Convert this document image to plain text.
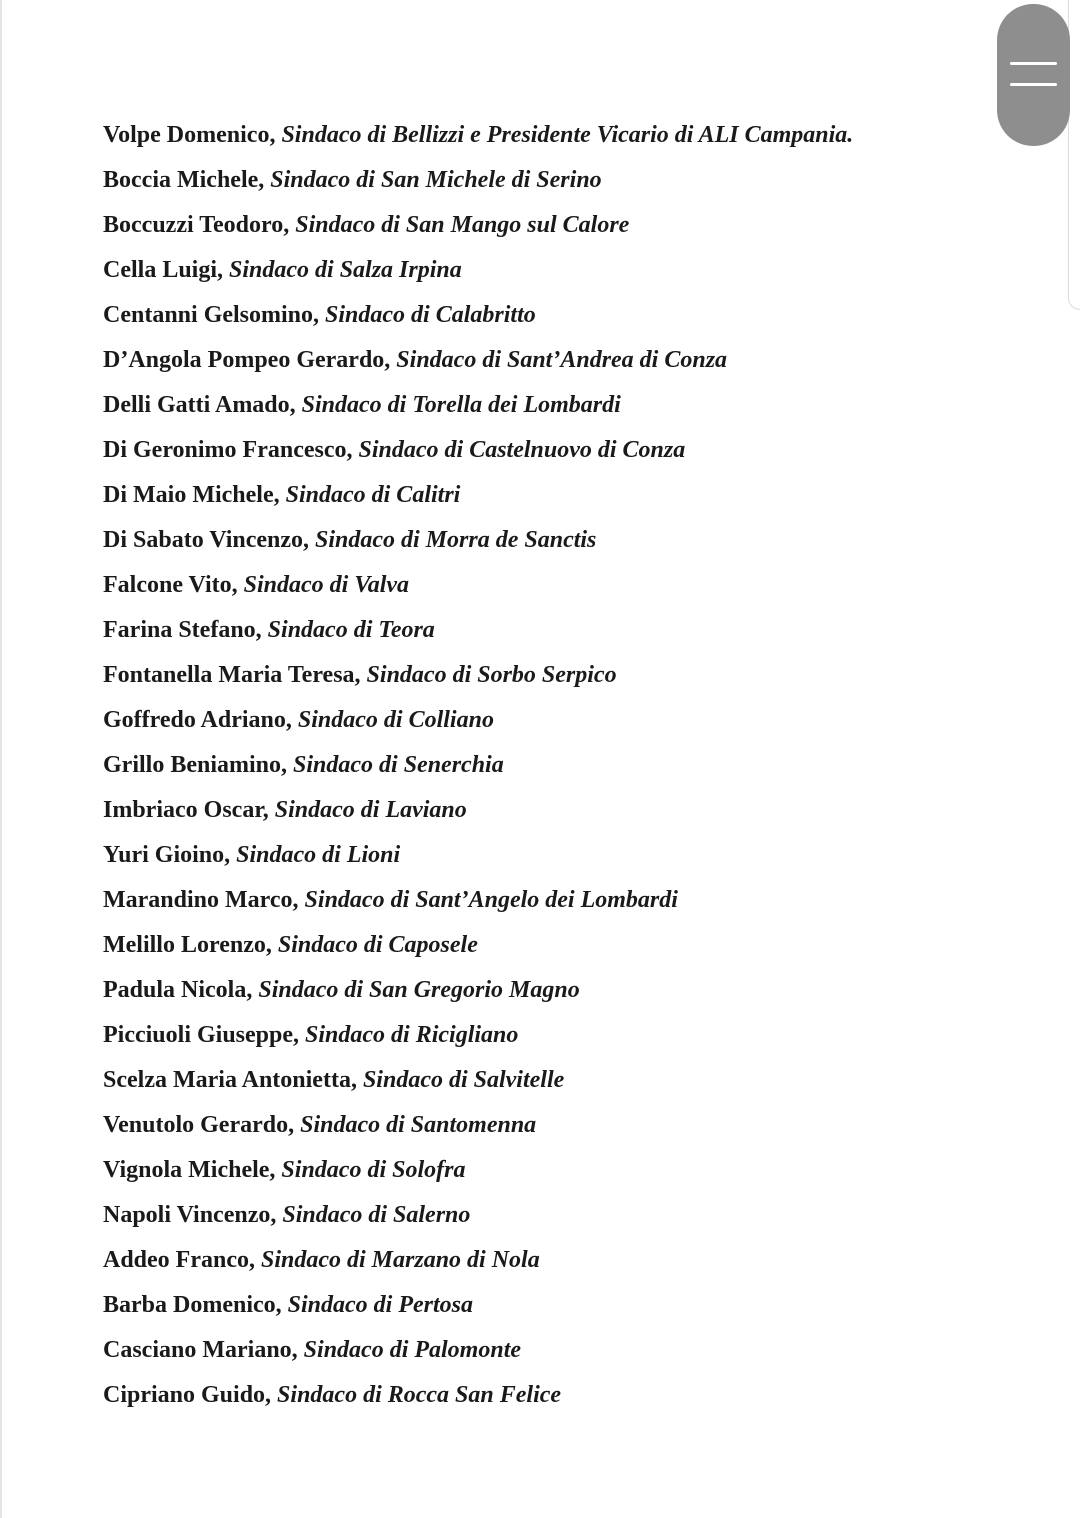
Volpe Domenico, Sindaco di Bellizzi e Presidente Vicario di ALI Campania.
Boccia Michele, Sindaco di San Michele di Serino
Boccuzzi Teodoro, Sindaco di San Mango sul Calore
Cella Luigi, Sindaco di Salza Irpina
Centanni Gelsomino, Sindaco di Calabritto
D’Angola Pompeo Gerardo, Sindaco di Sant’Andrea di Conza
Delli Gatti Amado, Sindaco di Torella dei Lombardi
Di Geronimo Francesco, Sindaco di Castelnuovo di Conza
Di Maio Michele, Sindaco di Calitri
Di Sabato Vincenzo, Sindaco di Morra de Sanctis
Falcone Vito, Sindaco di Valva
Farina Stefano, Sindaco di Teora
Fontanella Maria Teresa, Sindaco di Sorbo Serpico
Goffredo Adriano, Sindaco di Colliano
Grillo Beniamino, Sindaco di Senerchia
Imbriaco Oscar, Sindaco di Laviano
Yuri Gioino, Sindaco di Lioni
Marandino Marco, Sindaco di Sant’Angelo dei Lombardi
Melillo Lorenzo, Sindaco di Caposele
Padula Nicola, Sindaco di San Gregorio Magno
Picciuoli Giuseppe, Sindaco di Ricigliano
Scelza Maria Antonietta, Sindaco di Salvitelle
Venutolo Gerardo, Sindaco di Santomenna
Vignola Michele, Sindaco di Solofra
Napoli Vincenzo, Sindaco di Salerno
Addeo Franco, Sindaco di Marzano di Nola
Barba Domenico, Sindaco di Pertosa
Casciano Mariano, Sindaco di Palomonte
Cipriano Guido, Sindaco di Rocca San Felice
